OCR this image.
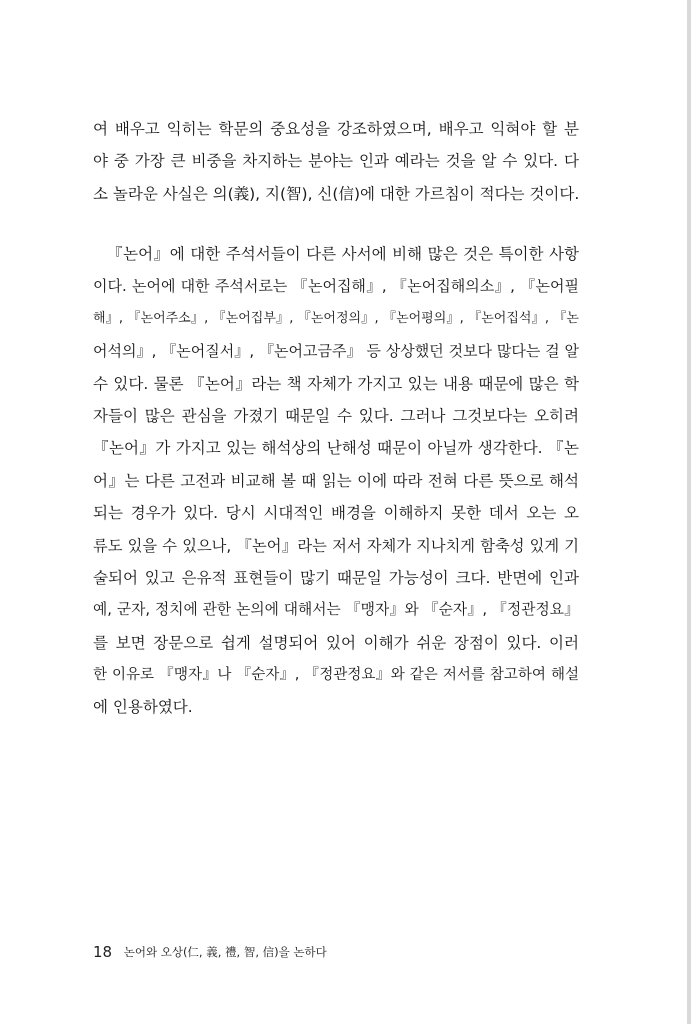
여 배우고 익히는 학문의 중요성을 강조하였으며, 배우고 익혀야 할 분
야 중 가장 큰 비중을 차지하는 분야는 인과 예라는 것을 알 수 있다. 다
소 놀라운 사실은 의(義), 지(智), 신(信)에 대한 가르침이 적다는 것이다.
『논어』에 대한 주석서들이 다른 사서에 비해 많은 것은 특이한 사항
이다. 논어에 대한 주석서로는 『논어집해』, 『논어집해의소』, 『논어필
해』, 『논어주소』, 『논어집부』, 『논어정의』, 『논어평의』, 『논어집석』, 『논
어석의』, 『논어질서』, 『논어고금주』 등 상상했던 것보다 많다는 걸 알
수 있다. 물론 『논어』라는 책 자체가 가지고 있는 내용 때문에 많은 학
자들이 많은 관심을 가졌기 때문일 수 있다. 그러나 그것보다는 오히려
『논어』가 가지고 있는 해석상의 난해성 때문이 아닐까 생각한다. 『논
어』는 다른 고전과 비교해 볼 때 읽는 이에 따라 전혀 다른 뜻으로 해석
되는 경우가 있다. 당시 시대적인 배경을 이해하지 못한 데서 오는 오
류도 있을 수 있으나, 『논어』라는 저서 자체가 지나치게 함축성 있게 기
술되어 있고 은유적 표현들이 많기 때문일 가능성이 크다. 반면에 인과
예, 군자, 정치에 관한 논의에 대해서는 『맹자』와 『순자』, 『정관정요』
를 보면 장문으로 쉽게 설명되어 있어 이해가 쉬운 장점이 있다. 이러
한 이유로 『맹자』나 『순자』, 『정관정요』와 같은 저서를 참고하여 해설
에 인용하였다.
18 논어와 오상(仁, 義, 禮, 智, 信)을 논하다
